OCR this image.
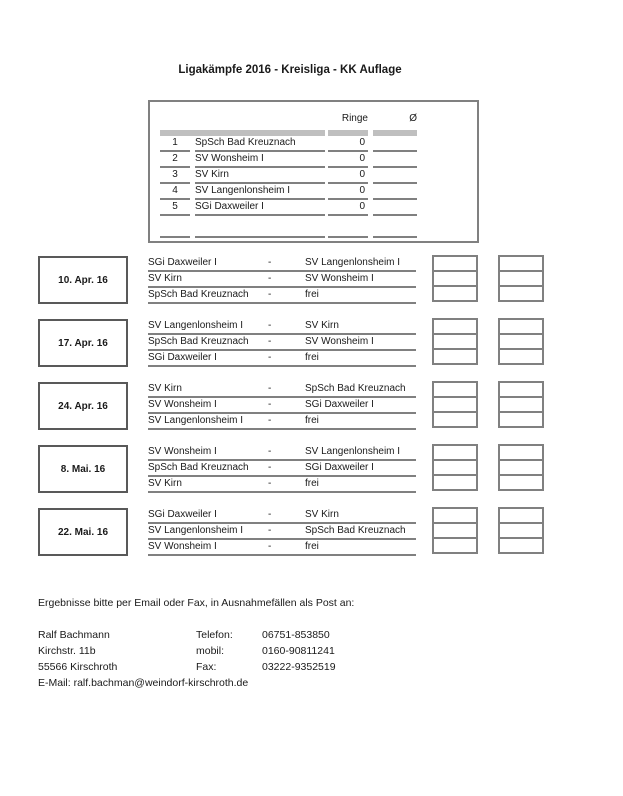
Ligakämpfe 2016 - Kreisliga - KK Auflage
Ringe	Ø
1	SpSch Bad Kreuznach	0
2	SV Wonsheim I	0
3	SV Kirn	0
4	SV Langenlonsheim I	0
5	SGi Daxweiler I	0
10. Apr. 16
SGi Daxweiler I	-	SV Langenlonsheim I
SV Kirn	-	SV Wonsheim I
SpSch Bad Kreuznach	-	frei
17. Apr. 16
SV Langenlonsheim I	-	SV Kirn
SpSch Bad Kreuznach	-	SV Wonsheim I
SGi Daxweiler I	-	frei
24. Apr. 16
SV Kirn	-	SpSch Bad Kreuznach
SV Wonsheim I	-	SGi Daxweiler I
SV Langenlonsheim I	-	frei
8. Mai. 16
SV Wonsheim I	-	SV Langenlonsheim I
SpSch Bad Kreuznach	-	SGi Daxweiler I
SV Kirn	-	frei
22. Mai. 16
SGi Daxweiler I	-	SV Kirn
SV Langenlonsheim I	-	SpSch Bad Kreuznach
SV Wonsheim I	-	frei
Ergebnisse bitte per Email oder Fax, in Ausnahmefällen als Post an:
Ralf Bachmann	Telefon:	06751-853850
Kirchstr. 11b	mobil:	0160-90811241
55566 Kirschroth	Fax:	03222-9352519
E-Mail: ralf.bachman@weindorf-kirschroth.de
